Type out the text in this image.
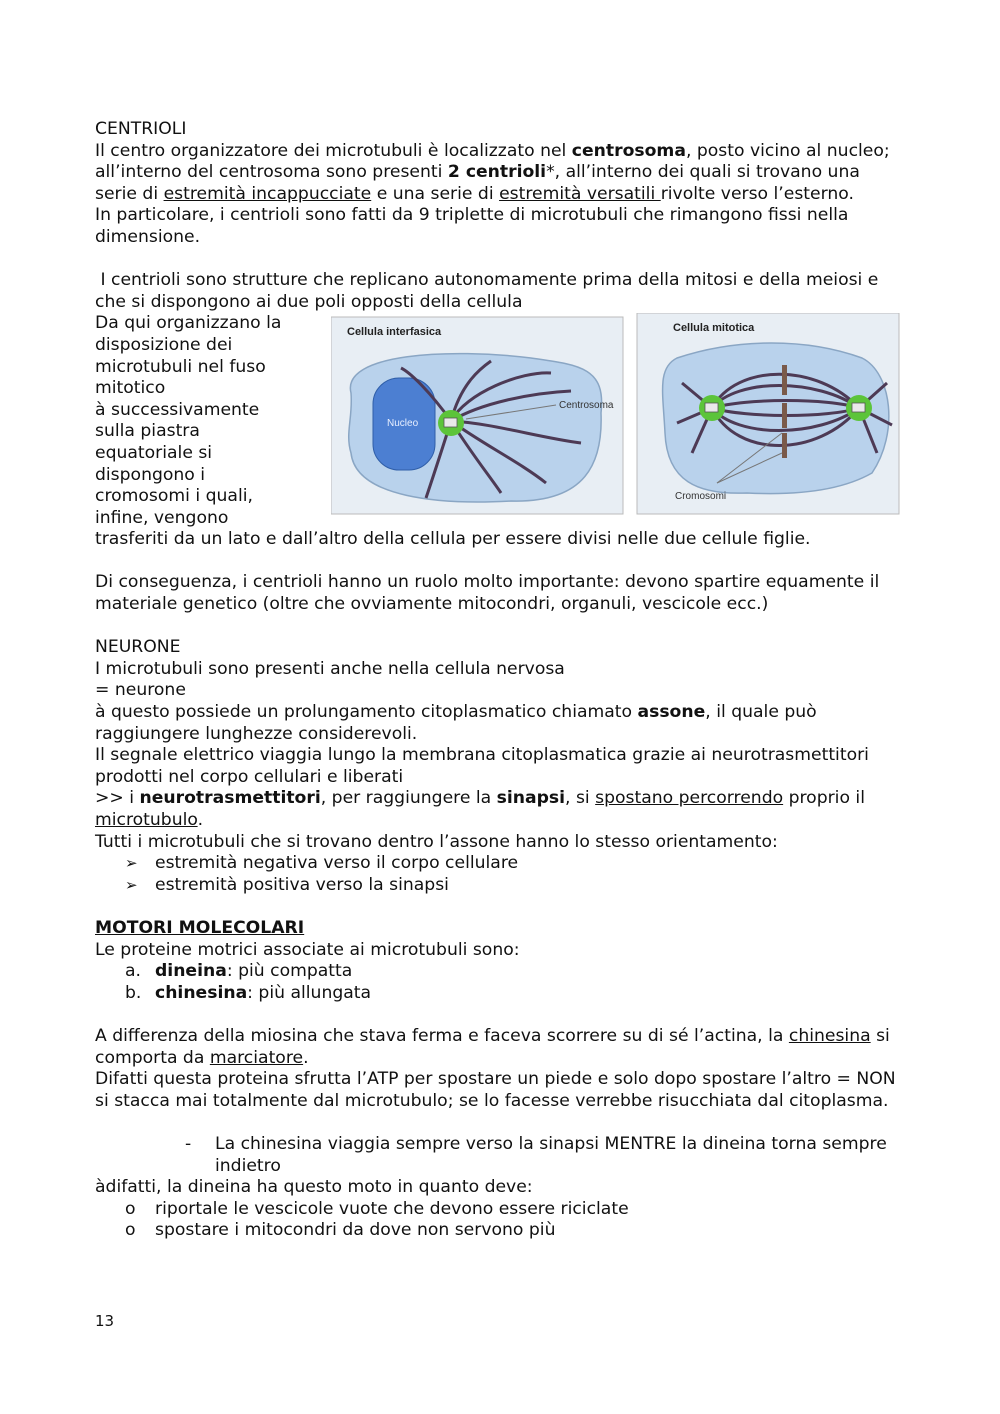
CENTRIOLI

Il centro organizzatore dei microtubuli è localizzato nel centrosoma, posto vicino al nucleo; all’interno del centrosoma sono presenti 2 centrioli*, all’interno dei quali si trovano una serie di estremità incappucciate e una serie di estremità versatili rivolte verso l’esterno.

In particolare, i centrioli sono fatti da 9 triplette di microtubuli che rimangono fissi nella dimensione.

I centrioli sono strutture che replicano autonomamente prima della mitosi e della meiosi e che si dispongono ai due poli opposti della cellula

Cellula interfasica
Nucleo
Centrosoma
Cellula mitotica
Cromosomi

Da qui organizzano la

disposizione dei

microtubuli nel fuso

mitotico

à successivamente

sulla piastra

equatoriale si

dispongono i

cromosomi i quali,

infine, vengono

trasferiti da un lato e dall’altro della cellula per essere divisi nelle due cellule figlie.

Di conseguenza, i centrioli hanno un ruolo molto importante: devono spartire equamente il materiale genetico (oltre che ovviamente mitocondri, organuli, vescicole ecc.)

NEURONE

I microtubuli sono presenti anche nella cellula nervosa

= neurone

à questo possiede un prolungamento citoplasmatico chiamato assone, il quale può raggiungere lunghezze considerevoli.

Il segnale elettrico viaggia lungo la membrana citoplasmatica grazie ai neurotrasmettitori prodotti nel corpo cellulari e liberati

>> i neurotrasmettitori, per raggiungere la sinapsi, si spostano percorrendo proprio il microtubulo.

Tutti i microtubuli che si trovano dentro l’assone hanno lo stesso orientamento:

➢ estremità negativa verso il corpo cellulare
➢ estremità positiva verso la sinapsi

MOTORI MOLECOLARI

Le proteine motrici associate ai microtubuli sono:

a. dineina: più compatta
b. chinesina: più allungata

A differenza della miosina che stava ferma e faceva scorrere su di sé l’actina, la chinesina si comporta da marciatore.

Difatti questa proteina sfrutta l’ATP per spostare un piede e solo dopo spostare l’altro = NON si stacca mai totalmente dal microtubulo; se lo facesse verrebbe risucchiata dal citoplasma.

-	La chinesina viaggia sempre verso la sinapsi MENTRE la dineina torna sempre indietro

àdifatti, la dineina ha questo moto in quanto deve:

o riportale le vescicole vuote che devono essere riciclate
o spostare i mitocondri da dove non servono più
13
